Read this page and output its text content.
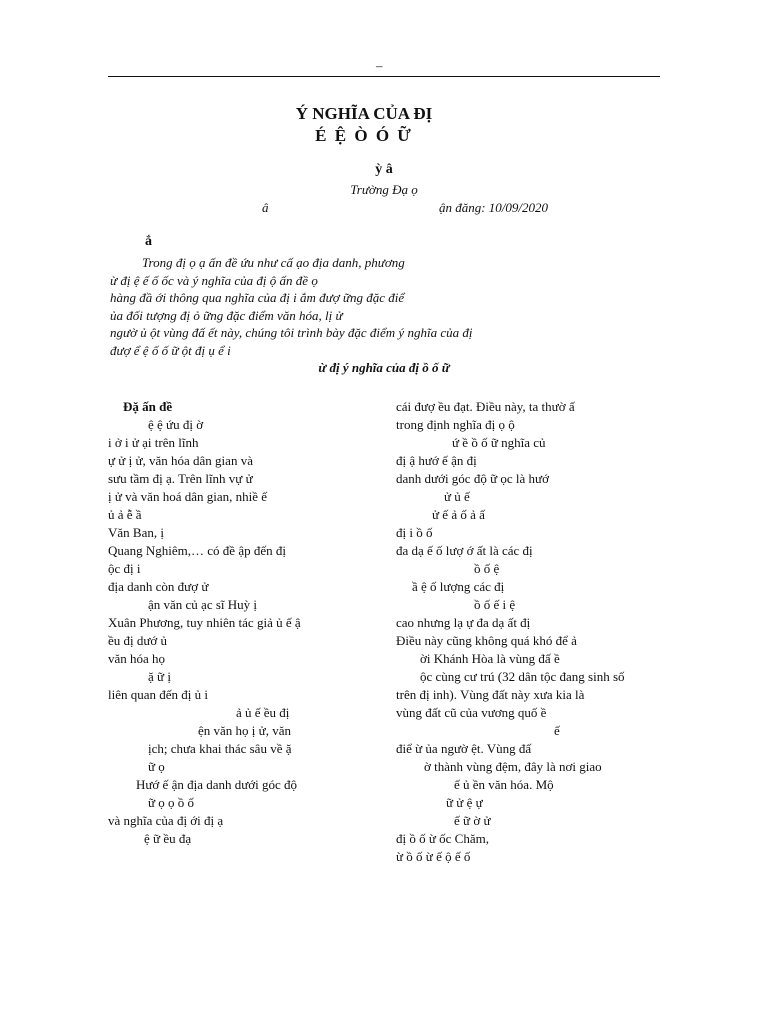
–
Ý NGHĨA CỦA ĐỊ
É Ệ Ò Ó Ữ
ỳ â
Trường Đạ ọ
â	ận đăng: 10/09/2020
ắ
Trong đị ọ ạ ấn đề ứu như cấ ạo địa danh, phương
ừ đị ệ ế ố ốc và ý nghĩa của đị ộ ấn đề ọ
hàng đầ ới thông qua nghĩa của đị i ắm đượ ững đặc điể
ủa đối tượng đị ỏ ững đặc điểm văn hóa, lị ử
ngườ ủ ột vùng đấ ết này, chúng tôi trình bày đặc điểm ý nghĩa của đị
đượ ể ệ ố ố ữ ột đị ụ ể i
ừ đị ý nghĩa của đị ồ ố ữ
Đặ ấn đề
ệ ệ ứu đị ờ
i ở i ử ại trên lĩnh
ự ử ị ử, văn hóa dân gian và
sưu tầm đị ạ. Trên lĩnh vự ử
ị ử và văn hoá dân gian, nhiề ế
ủ ả ễ ầ
Văn Ban, ị
Quang Nghiêm,… có đề ập đến đị
ộc đị i
địa danh còn đượ ử
ận văn củ ạc sĩ Huỳ ị
Xuân Phương, tuy nhiên tác giả ủ ế ậ
ều đị dướ ủ
văn hóa họ
ặ ữ ị
liên quan đến đị ủ i
ả ủ ế ều đị
ện văn họ ị ử, văn
ịch; chưa khai thác sâu về ặ
ữ ọ
Hướ ế ận địa danh dưới góc độ
ữ ọ ọ ồ ố
và nghĩa của đị ới đị ạ
ệ ữ ều đạ
cái đượ ều đạt. Điều này, ta thườ ấ
trong định nghĩa đị ọ ộ
ứ ề ồ ố ữ nghĩa củ
đị ậ hướ ế ận đị
danh dưới góc độ ữ ọc là hướ
ử ủ ế
ử ế ả ố ả ấ
đị i ồ ố
đa dạ ế ố lượ ớ ất là các đị
ồ ố ệ
ầ ệ ố lượng các đị
ồ ố ế i ệ
cao nhưng lạ ự đa dạ ất đị
Điều này cũng không quá khó để ả
ời Khánh Hòa là vùng đấ ề
ộc cùng cư trú (32 dân tộc đang sinh số
trên đị inh). Vùng đất này xưa kia là
vùng đất cũ của vương quố ề
ế
điể ừ ủa ngườ ệt. Vùng đấ
ờ thành vùng đệm, đây là nơi giao
ế ủ ền văn hóa. Mộ
ữ ử ệ ự
ế ữ ờ ử
đị ồ ố ừ ốc Chăm,
ừ ồ ố ừ ế ộ ế ố
